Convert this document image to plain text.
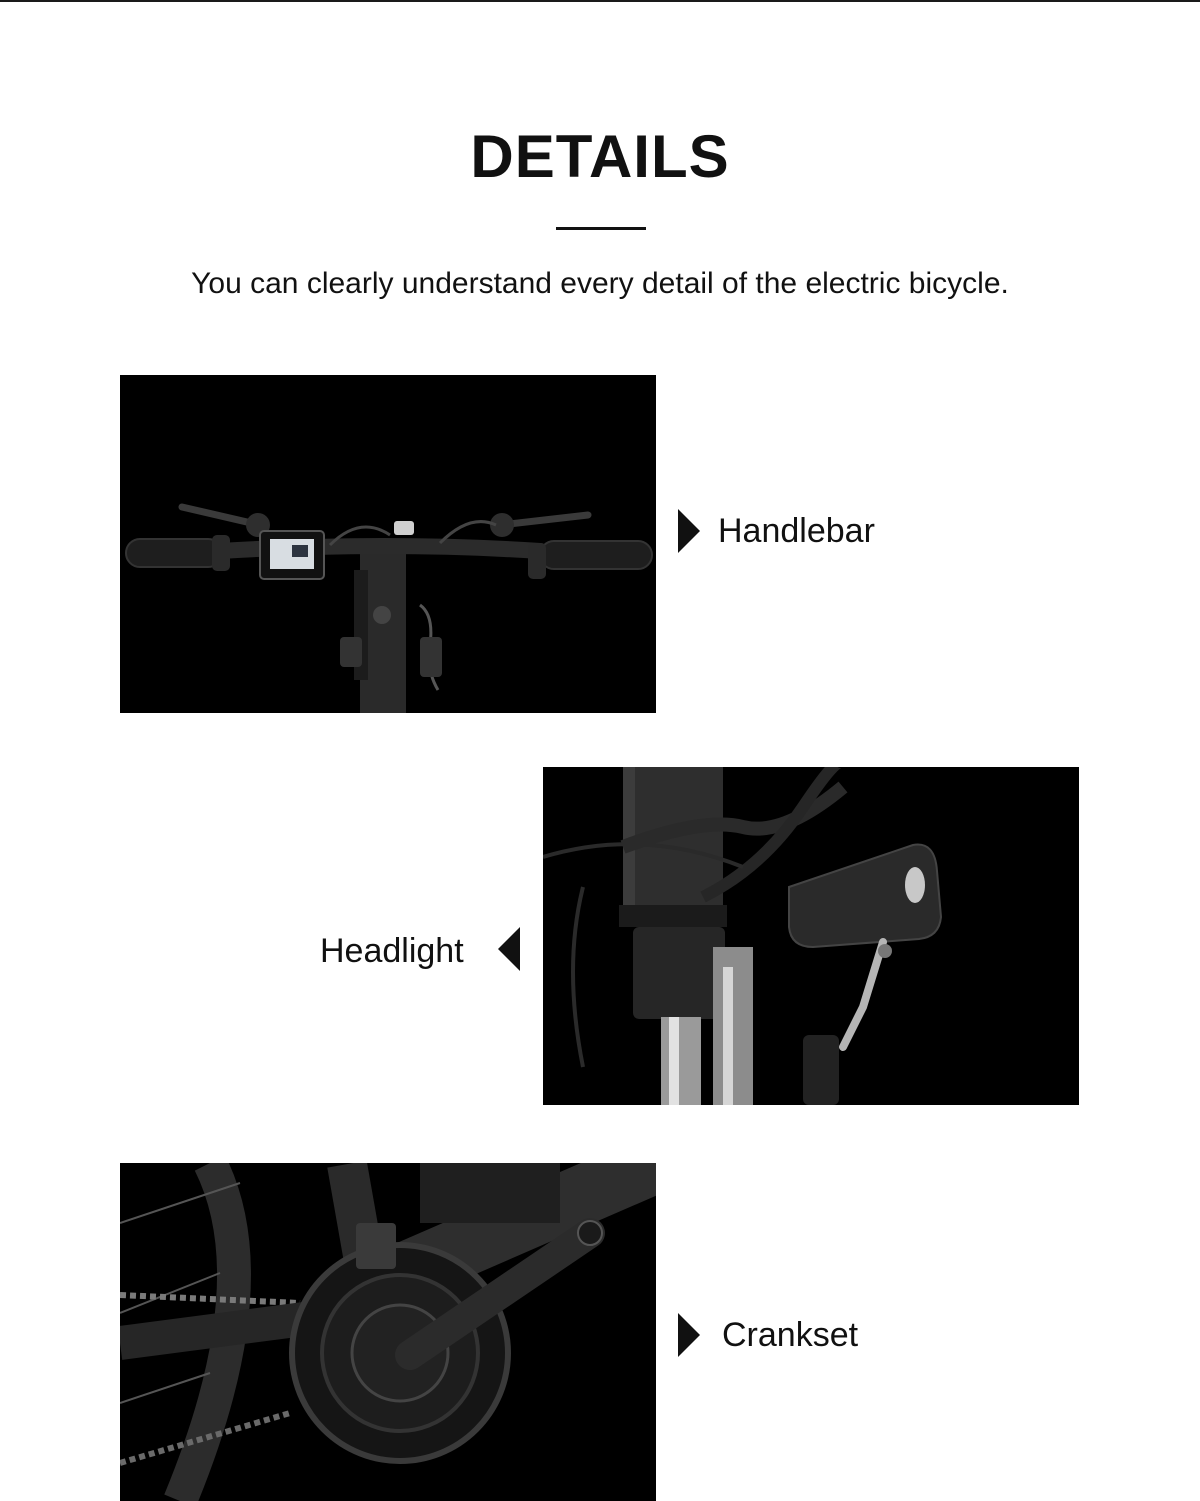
DETAILS
You can clearly understand every detail of the electric bicycle.
Handlebar
Headlight
Crankset
